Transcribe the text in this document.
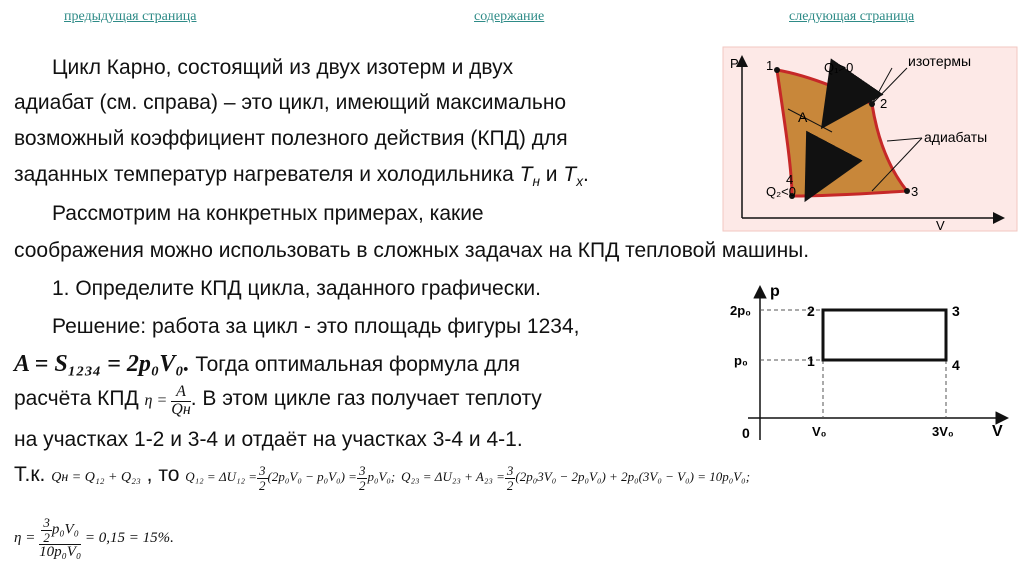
предыдущая страница	содержание	следующая страница
Цикл Карно, состоящий из двух изотерм и двух
адиабат (см. справа) – это цикл, имеющий максимально
возможный коэффициент полезного действия (КПД) для
заданных температур нагревателя и холодильника $T_н$ и $T_х$.
Рассмотрим на конкретных примерах, какие
соображения можно использовать в сложных задачах на КПД тепловой машины.
1. Определите КПД цикла, заданного графически.
Решение: работа за цикл - это площадь фигуры 1234,
A = S₁₂₃₄ = 2p₀V₀. Тогда оптимальная формула для
расчёта КПД $\eta = \frac{A}{Qн}$ . В этом цикле газ получает теплоту
на участках 1-2 и 3-4 и отдаёт на участках 3-4 и 4-1.
Т.к. Qн = Q₁₂ + Q₂₃ , то $Q_{12} = \Delta U_{12} = \frac{3}{2} (2p_0V_0 - p_0V_0) = \frac{3}{2} p_0V_0$; $Q_{23} = \Delta U_{23} + A_{23} = \frac{3}{2} (2p_03V_0 - 2p_0V_0) + 2p_0(3V_0 - V_0) = 10p_0V_0$;
$\eta = \frac{\frac{3}{2} p_0V_0}{\text{10p₀V₀}} = 0,15 = 15\%$.
P
V
1
2
3
4
Q₁>0
Q₂<0
A
изотермы
адиабаты
p
V
0
2p₀
p₀
V₀	3V₀
1
2	3
4
